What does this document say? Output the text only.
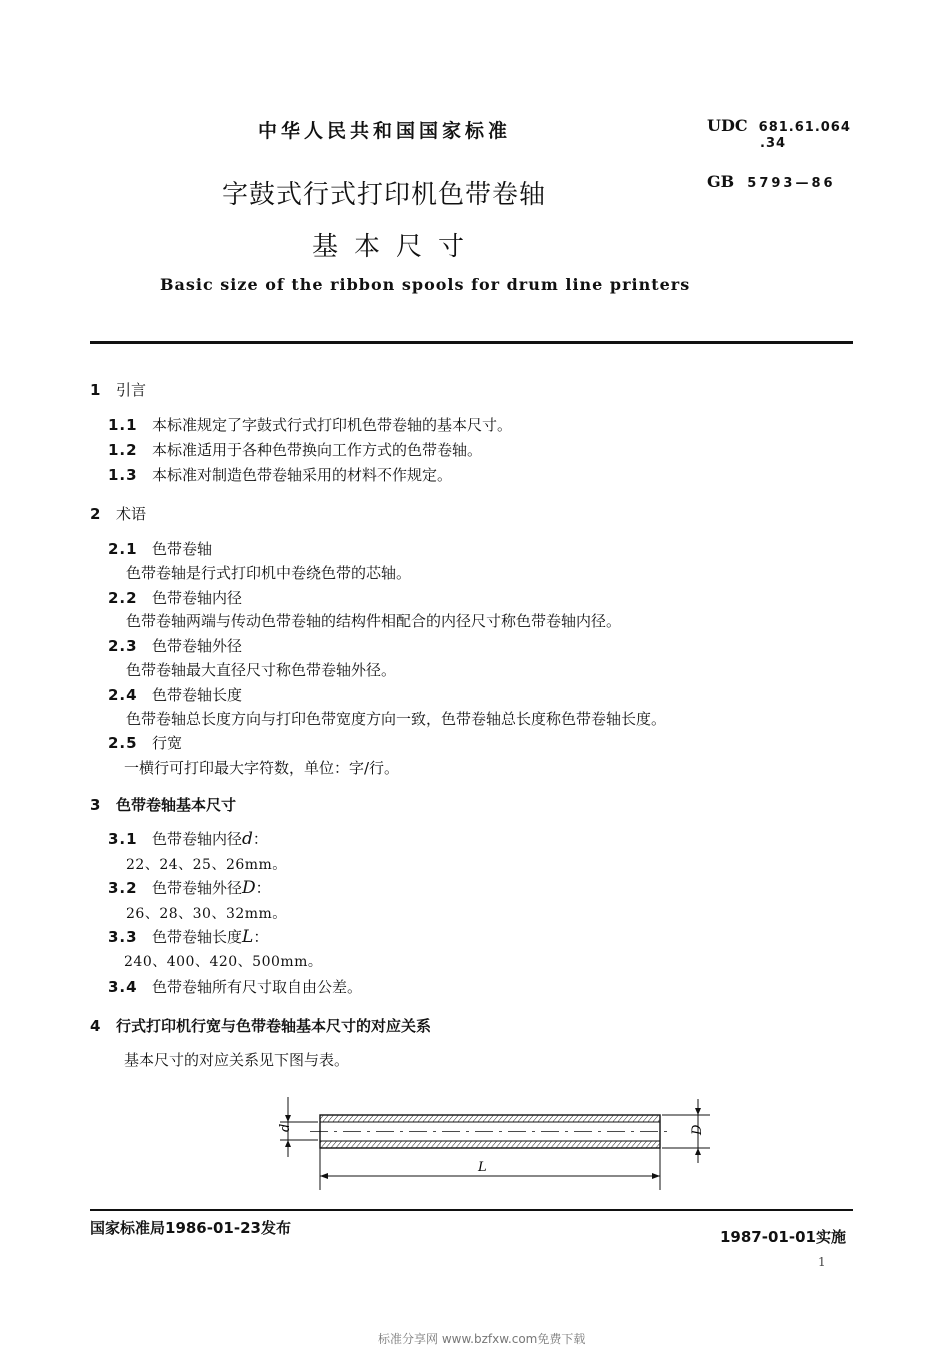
中华人民共和国国家标准	UDC 681.61.064
.34
GB 5793—86
字鼓式行式打印机色带卷轴
基本尺寸
Basic size of the ribbon spools for drum line printers
1 引言
1.1 本标准规定了字鼓式行式打印机色带卷轴的基本尺寸。
1.2 本标准适用于各种色带换向工作方式的色带卷轴。
1.3 本标准对制造色带卷轴采用的材料不作规定。
2 术语
2.1 色带卷轴
色带卷轴是行式打印机中卷绕色带的芯轴。
2.2 色带卷轴内径
色带卷轴两端与传动色带卷轴的结构件相配合的内径尺寸称色带卷轴内径。
2.3 色带卷轴外径
色带卷轴最大直径尺寸称色带卷轴外径。
2.4 色带卷轴长度
色带卷轴总长度方向与打印色带宽度方向一致，色带卷轴总长度称色带卷轴长度。
2.5 行宽
一横行可打印最大字符数，单位：字/行。
3 色带卷轴基本尺寸
3.1 色带卷轴内径d：
22、24、25、26mm。
3.2 色带卷轴外径D：
26、28、30、32mm。
3.3 色带卷轴长度L：
240、400、420、500mm。
3.4 色带卷轴所有尺寸取自由公差。
4 行式打印机行宽与色带卷轴基本尺寸的对应关系
基本尺寸的对应关系见下图与表。
d	D
L
国家标准局1986-01-23发布	1987-01-01实施
1
标准分享网 www.bzfxw.com免费下载
